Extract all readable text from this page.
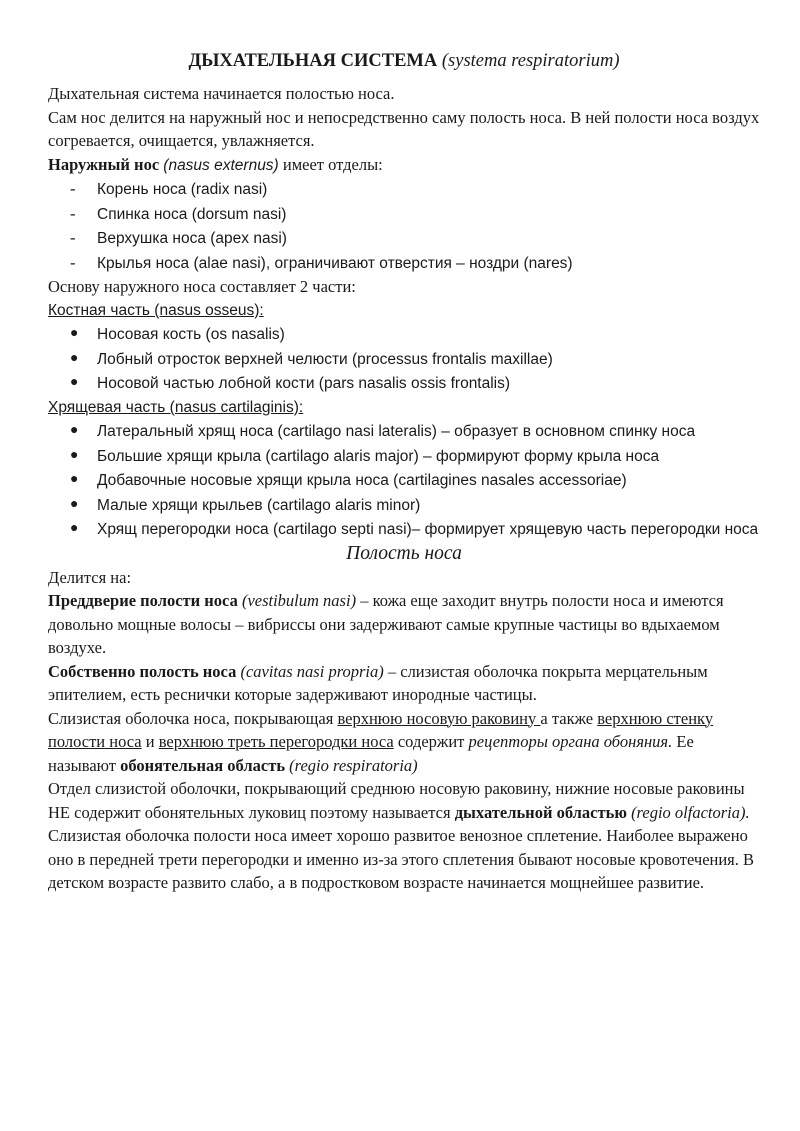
ДЫХАТЕЛЬНАЯ СИСТЕМА (systema respiratorium)

Дыхательная система начинается полостью носа.

Сам нос делится на наружный нос и непосредственно саму полость носа. В ней полости носа воздух согревается, очищается, увлажняется.

Наружный нос (nasus externus) имеет отделы:

- Корень носа (radix nasi)
- Спинка носа (dorsum nasi)
- Верхушка носа (apex nasi)
- Крылья носа (alae nasi), ограничивают отверстия – ноздри (nares)

Основу наружного носа составляет 2 части:

Костная часть (nasus osseus):

● Носовая кость (os nasalis)
● Лобный отросток верхней челюсти (processus frontalis maxillae)
● Носовой частью лобной кости (pars nasalis ossis frontalis)

Хрящевая часть (nasus cartilaginis):

● Латеральный хрящ носа (cartilago nasi lateralis) – образует в основном спинку носа
● Большие хрящи крыла (cartilago alaris major) – формируют форму крыла носа
● Добавочные носовые хрящи крыла носа (cartilagines nasales accessoriae)
● Малые хрящи крыльев (cartilago alaris minor)
● Хрящ перегородки носа (cartilago septi nasi)– формирует хрящевую часть перегородки носа

Полость носа

Делится на:

Преддверие полости носа (vestibulum nasi) – кожа еще заходит внутрь полости носа и имеются довольно мощные волосы – вибриссы они задерживают самые крупные частицы во вдыхаемом воздухе.

Собственно полость носа (cavitas nasi propria) – слизистая оболочка покрыта мерцательным эпителием, есть реснички которые задерживают инородные частицы.

Слизистая оболочка носа, покрывающая верхнюю носовую раковину а также верхнюю стенку полости носа и верхнюю треть перегородки носа содержит рецепторы органа обоняния. Ее называют обонятельная область (regio respiratoria)

Отдел слизистой оболочки, покрывающий среднюю носовую раковину, нижние носовые раковины НЕ содержит обонятельных луковиц поэтому называется дыхательной областью (regio olfactoria).

Слизистая оболочка полости носа имеет хорошо развитое венозное сплетение. Наиболее выражено оно в передней трети перегородки и именно из-за этого сплетения бывают носовые кровотечения. В детском возрасте развито слабо, а в подростковом возрасте начинается мощнейшее развитие.
